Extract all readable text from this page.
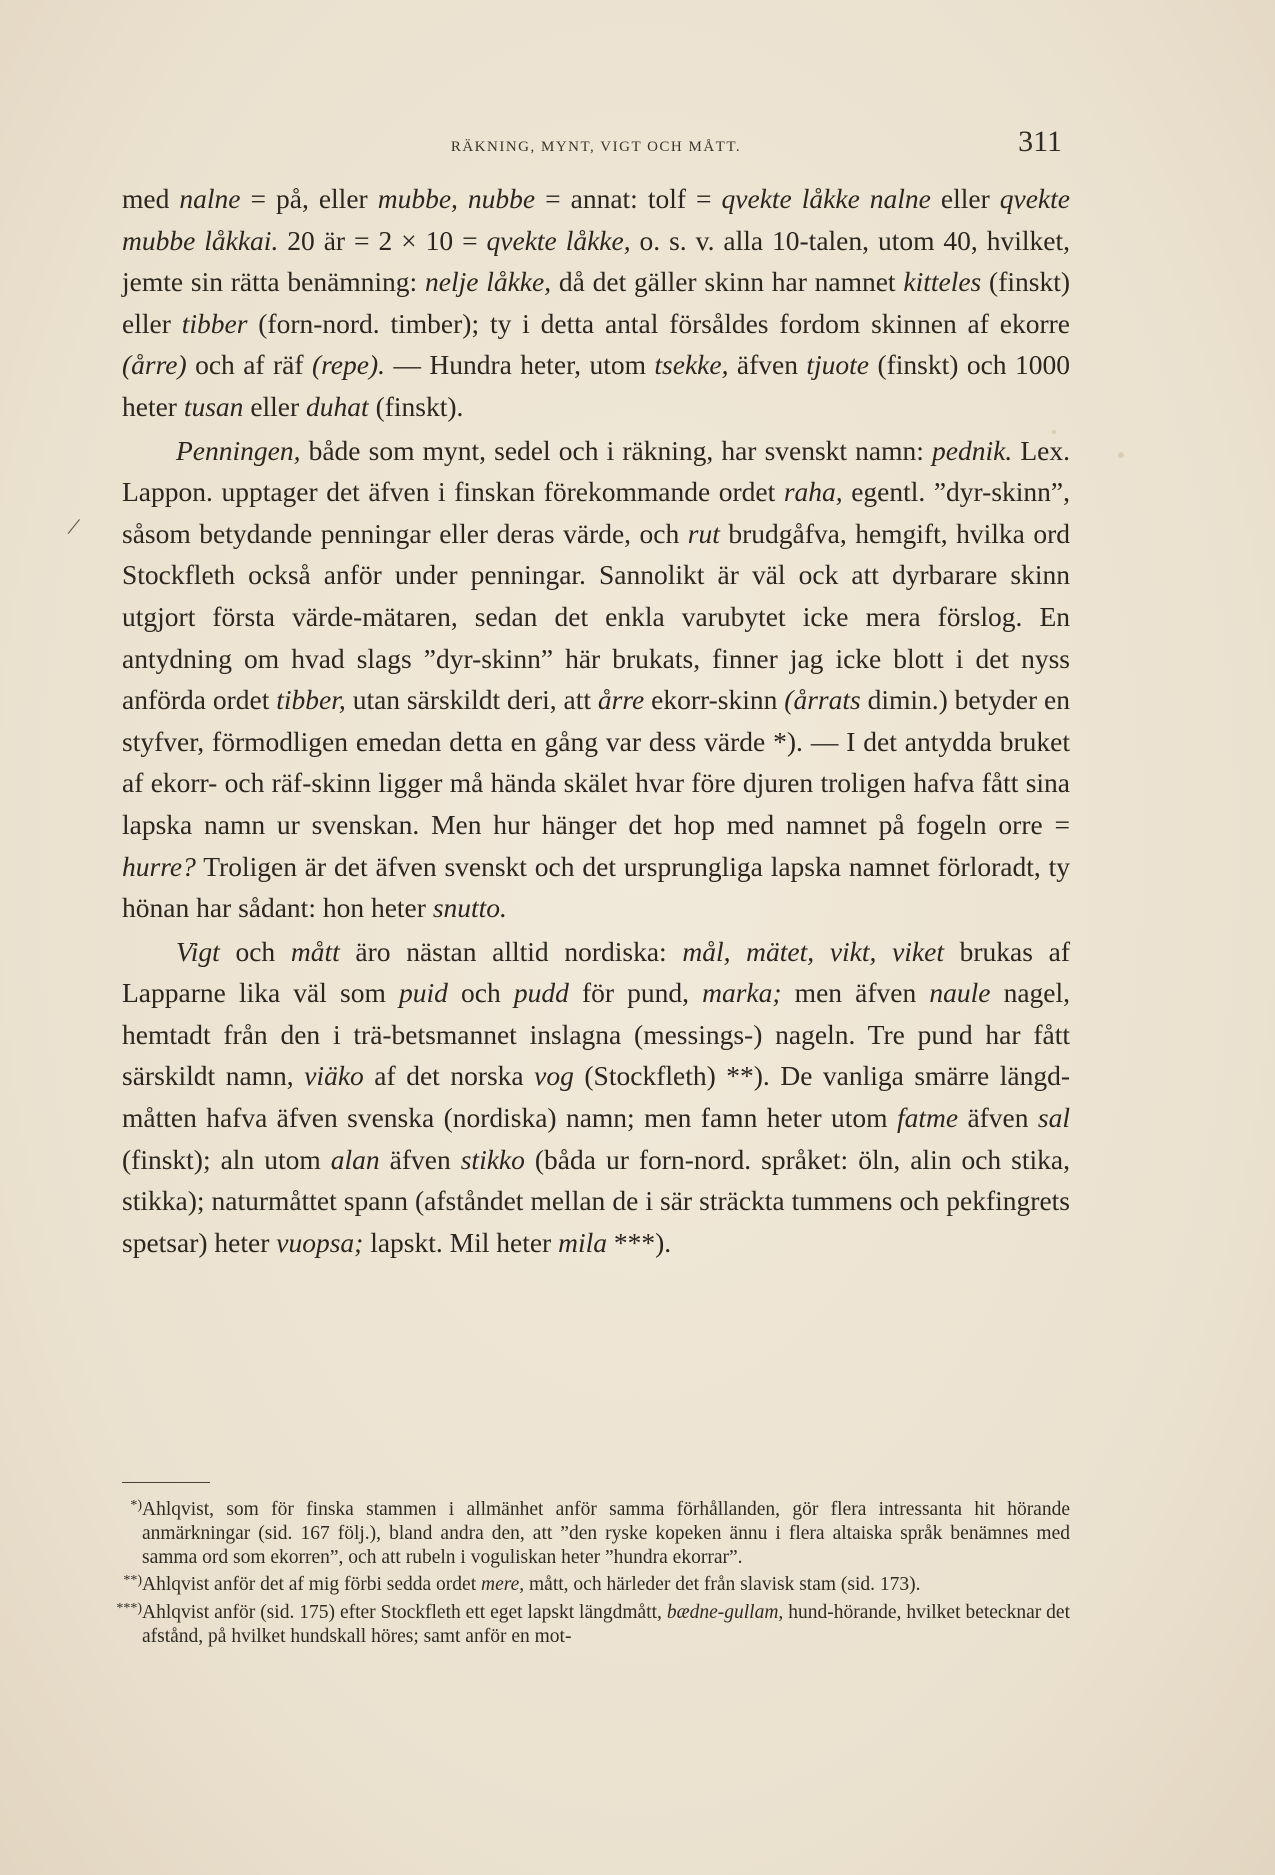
RÄKNING, MYNT, VIGT OCH MÅTT.	311
/

med nalne = på, eller mubbe, nubbe = annat: tolf = qvekte låkke nalne eller qvekte mubbe låkkai. 20 är = 2 × 10 = qvekte låkke, o. s. v. alla 10-talen, utom 40, hvilket, jemte sin rätta benämning: nelje låkke, då det gäller skinn har namnet kitteles (finskt) eller tibber (forn-nord. timber); ty i detta antal försåldes fordom skinnen af ekorre (årre) och af räf (repe). — Hundra heter, utom tsekke, äfven tjuote (finskt) och 1000 heter tusan eller duhat (finskt).

Penningen, både som mynt, sedel och i räkning, har svenskt namn: pednik. Lex. Lappon. upptager det äfven i finskan förekommande ordet raha, egentl. ”dyr-skinn”, såsom betydande penningar eller deras värde, och rut brudgåfva, hemgift, hvilka ord Stockfleth också anför under penningar. Sannolikt är väl ock att dyrbarare skinn utgjort första värde-mätaren, sedan det enkla varubytet icke mera förslog. En antydning om hvad slags ”dyr-skinn” här brukats, finner jag icke blott i det nyss anförda ordet tibber, utan särskildt deri, att årre ekorr-skinn (årrats dimin.) betyder en styfver, förmodligen emedan detta en gång var dess värde *). — I det antydda bruket af ekorr- och räf-skinn ligger må hända skälet hvar före djuren troligen hafva fått sina lapska namn ur svenskan. Men hur hänger det hop med namnet på fogeln orre = hurre? Troligen är det äfven svenskt och det ursprungliga lapska namnet förloradt, ty hönan har sådant: hon heter snutto.

Vigt och mått äro nästan alltid nordiska: mål, mätet, vikt, viket brukas af Lapparne lika väl som puid och pudd för pund, marka; men äfven naule nagel, hemtadt från den i trä-betsmannet inslagna (messings-) nageln. Tre pund har fått särskildt namn, viäko af det norska vog (Stockfleth) **). De vanliga smärre längd-måtten hafva äfven svenska (nordiska) namn; men famn heter utom fatme äfven sal (finskt); aln utom alan äfven stikko (båda ur forn-nord. språket: öln, alin och stika, stikka); naturmåttet spann (afståndet mellan de i sär sträckta tummens och pekfingrets spetsar) heter vuopsa; lapskt. Mil heter mila ***).

*) Ahlqvist, som för finska stammen i allmänhet anför samma förhållanden, gör flera intressanta hit hörande anmärkningar (sid. 167 följ.), bland andra den, att ”den ryske kopeken ännu i flera altaiska språk benämnes med samma ord som ekorren”, och att rubeln i voguliskan heter ”hundra ekorrar”.
**) Ahlqvist anför det af mig förbi sedda ordet mere, mått, och härleder det från slavisk stam (sid. 173).
***) Ahlqvist anför (sid. 175) efter Stockfleth ett eget lapskt längdmått, bædne-gullam, hund-hörande, hvilket betecknar det afstånd, på hvilket hundskall höres; samt anför en mot-
